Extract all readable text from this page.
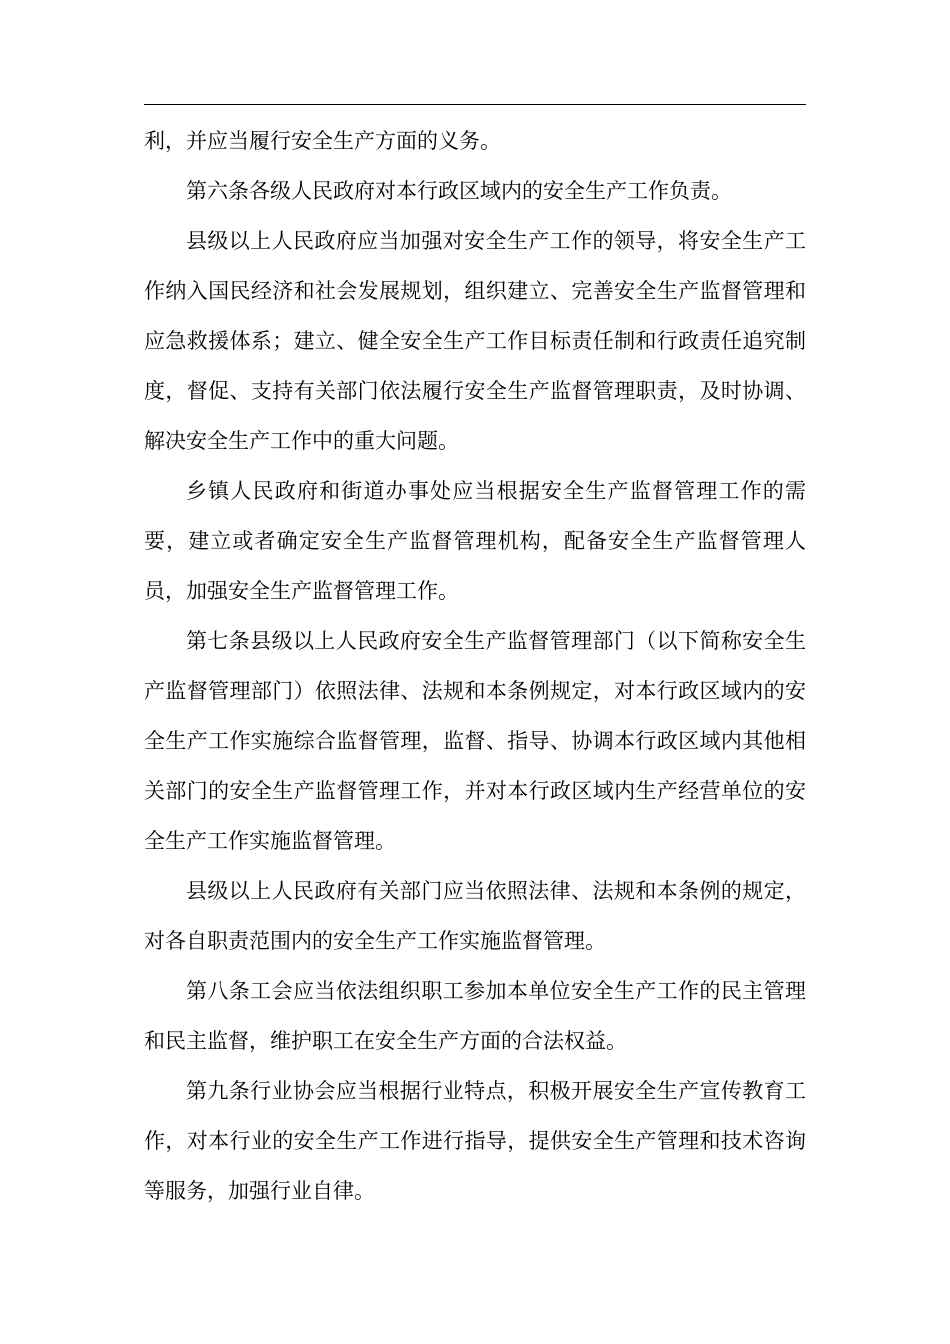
利，并应当履行安全生产方面的义务。

第六条各级人民政府对本行政区域内的安全生产工作负责。

县级以上人民政府应当加强对安全生产工作的领导，将安全生产工作纳入国民经济和社会发展规划，组织建立、完善安全生产监督管理和应急救援体系；建立、健全安全生产工作目标责任制和行政责任追究制度，督促、支持有关部门依法履行安全生产监督管理职责，及时协调、解决安全生产工作中的重大问题。

乡镇人民政府和街道办事处应当根据安全生产监督管理工作的需要，建立或者确定安全生产监督管理机构，配备安全生产监督管理人员，加强安全生产监督管理工作。

第七条县级以上人民政府安全生产监督管理部门（以下简称安全生产监督管理部门）依照法律、法规和本条例规定，对本行政区域内的安全生产工作实施综合监督管理，监督、指导、协调本行政区域内其他相关部门的安全生产监督管理工作，并对本行政区域内生产经营单位的安全生产工作实施监督管理。

县级以上人民政府有关部门应当依照法律、法规和本条例的规定，对各自职责范围内的安全生产工作实施监督管理。

第八条工会应当依法组织职工参加本单位安全生产工作的民主管理和民主监督，维护职工在安全生产方面的合法权益。

第九条行业协会应当根据行业特点，积极开展安全生产宣传教育工作，对本行业的安全生产工作进行指导，提供安全生产管理和技术咨询等服务，加强行业自律。
